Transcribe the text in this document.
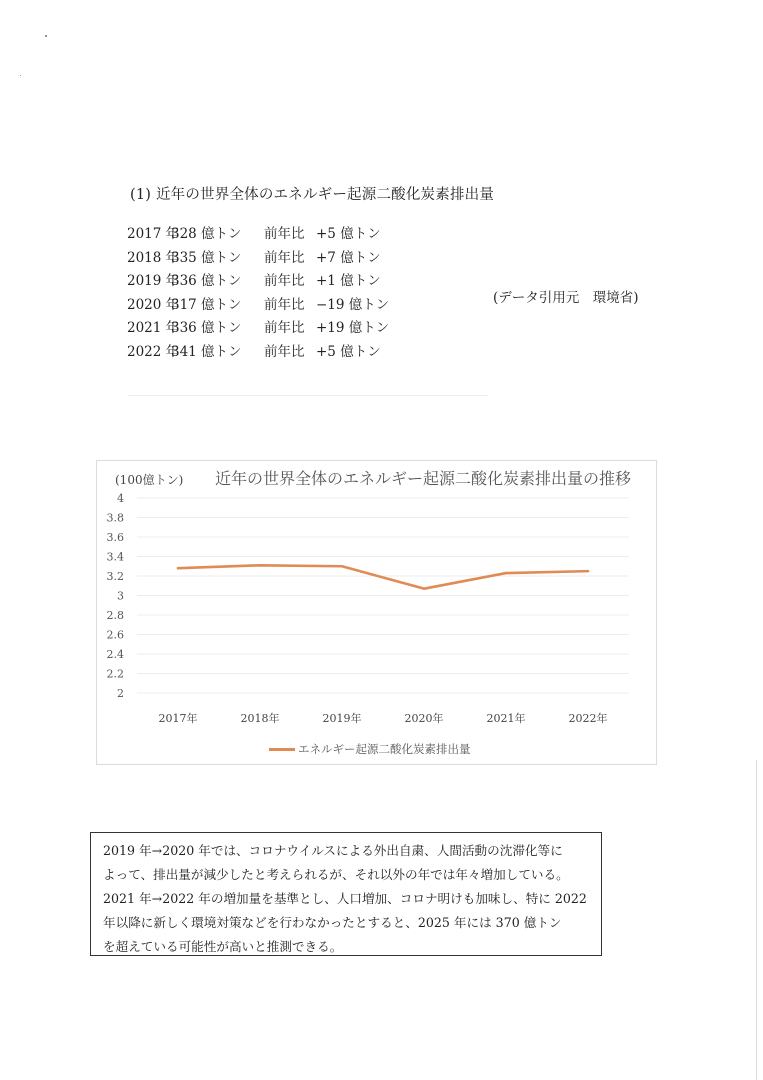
(1) 近年の世界全体のエネルギー起源二酸化炭素排出量
2017 年328 億トン 前年比 +5 億トン
2018 年335 億トン 前年比 +7 億トン
2019 年336 億トン 前年比 +1 億トン
2020 年317 億トン 前年比 −19 億トン
2021 年336 億トン 前年比 +19 億トン
2022 年341 億トン 前年比 +5 億トン
(データ引用元　環境省)
4
3.8
3.6
3.4
3.2
3
2.8
2.6
2.4
2.2
2
2017年	2018年	2019年	2020年	2021年	2022年
(100億トン) 近年の世界全体のエネルギー起源二酸化炭素排出量の推移
エネルギー起源二酸化炭素排出量

2019 年→2020 年では、コロナウイルスによる外出自粛、人間活動の沈滞化等に

よって、排出量が減少したと考えられるが、それ以外の年では年々増加している。

2021 年→2022 年の増加量を基準とし、人口増加、コロナ明けも加味し、特に 2022

年以降に新しく環境対策などを行わなかったとすると、2025 年には 370 億トン

を超えている可能性が高いと推測できる。
